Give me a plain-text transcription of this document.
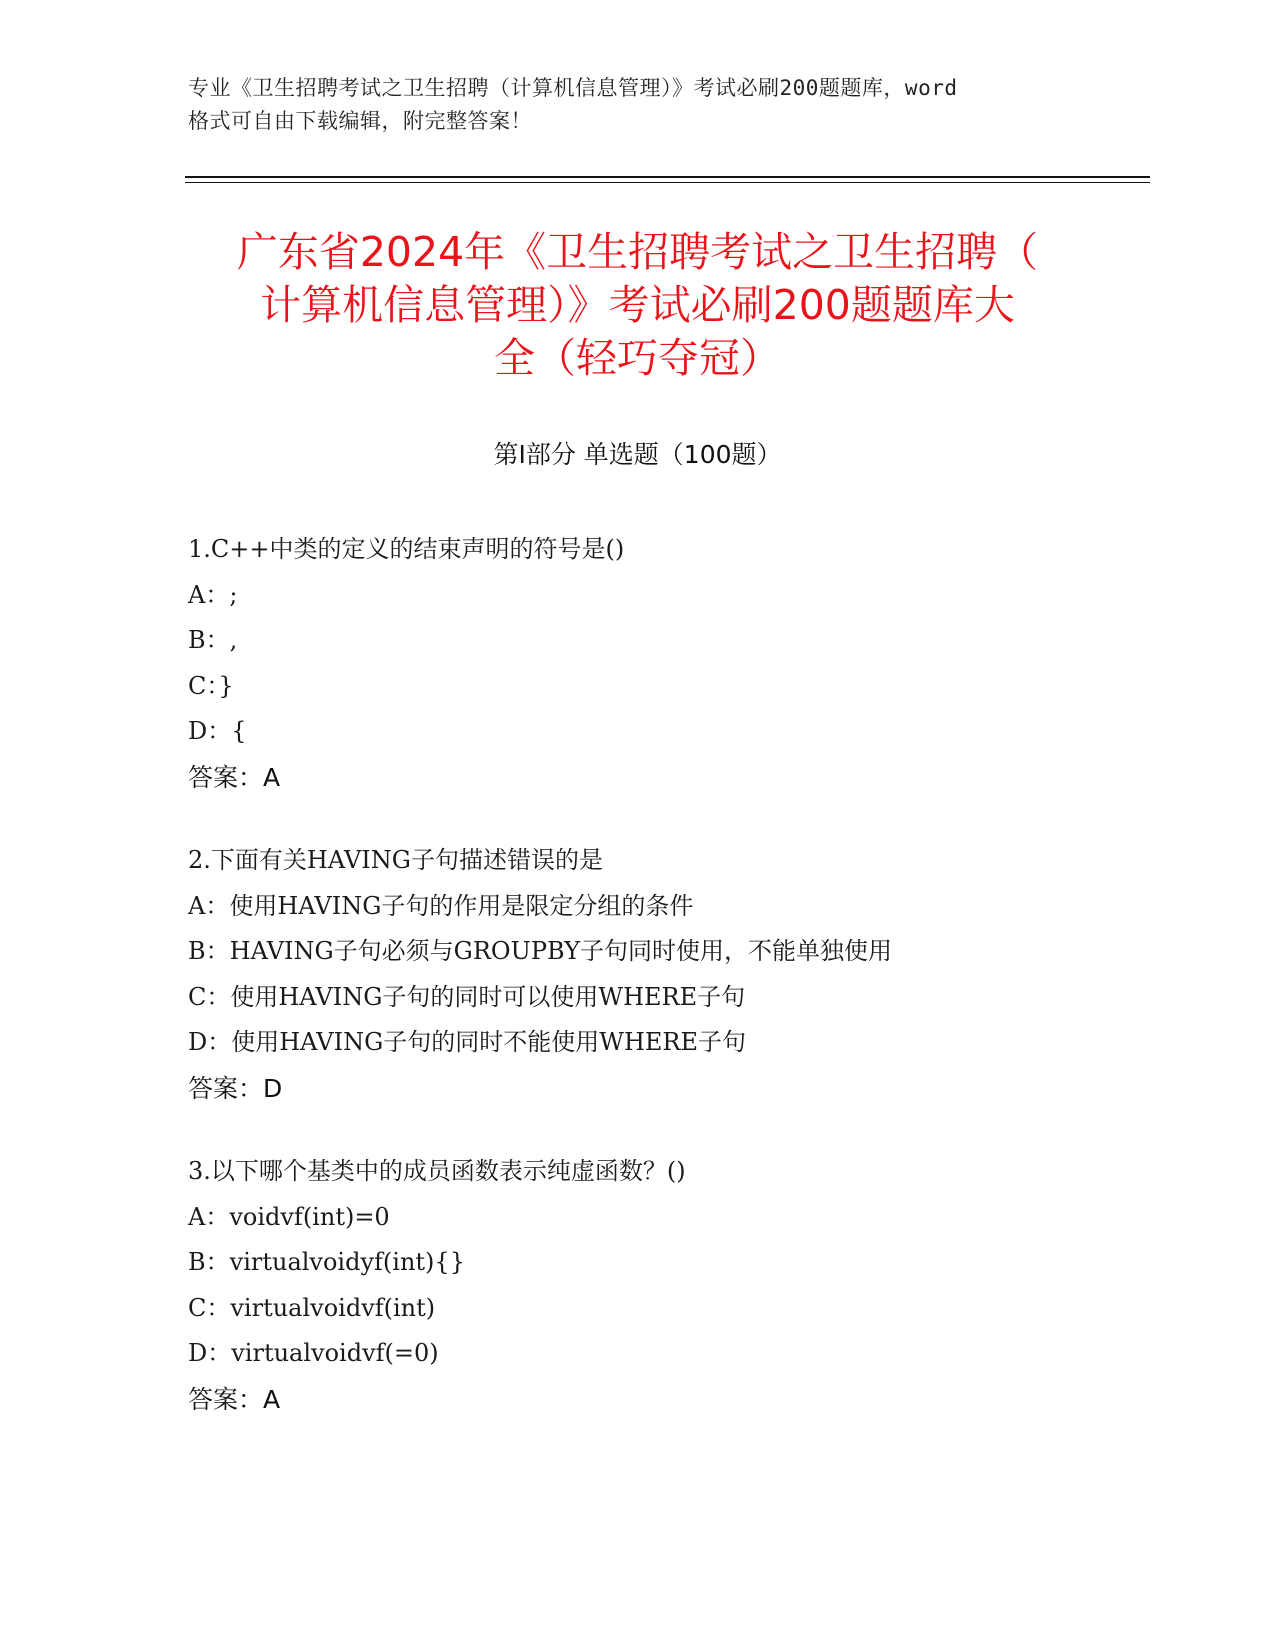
专业《卫生招聘考试之卫生招聘（计算机信息管理）》考试必刷200题题库，word
格式可自由下载编辑，附完整答案！
广东省2024年《卫生招聘考试之卫生招聘（
计算机信息管理）》考试必刷200题题库大
全（轻巧夺冠）
第Ⅰ部分 单选题（100题）
1.C++中类的定义的结束声明的符号是()
A：;
B：,
C：}
D：{
答案：A
2.下面有关HAVING子句描述错误的是
A：使用HAVING子句的作用是限定分组的条件
B：HAVING子句必须与GROUPBY子句同时使用，不能单独使用
C：使用HAVING子句的同时可以使用WHERE子句
D：使用HAVING子句的同时不能使用WHERE子句
答案：D
3.以下哪个基类中的成员函数表示纯虚函数？()
A：voidvf(int)=0
B：virtualvoidyf(int){}
C：virtualvoidvf(int)
D：virtualvoidvf(=0)
答案：A
